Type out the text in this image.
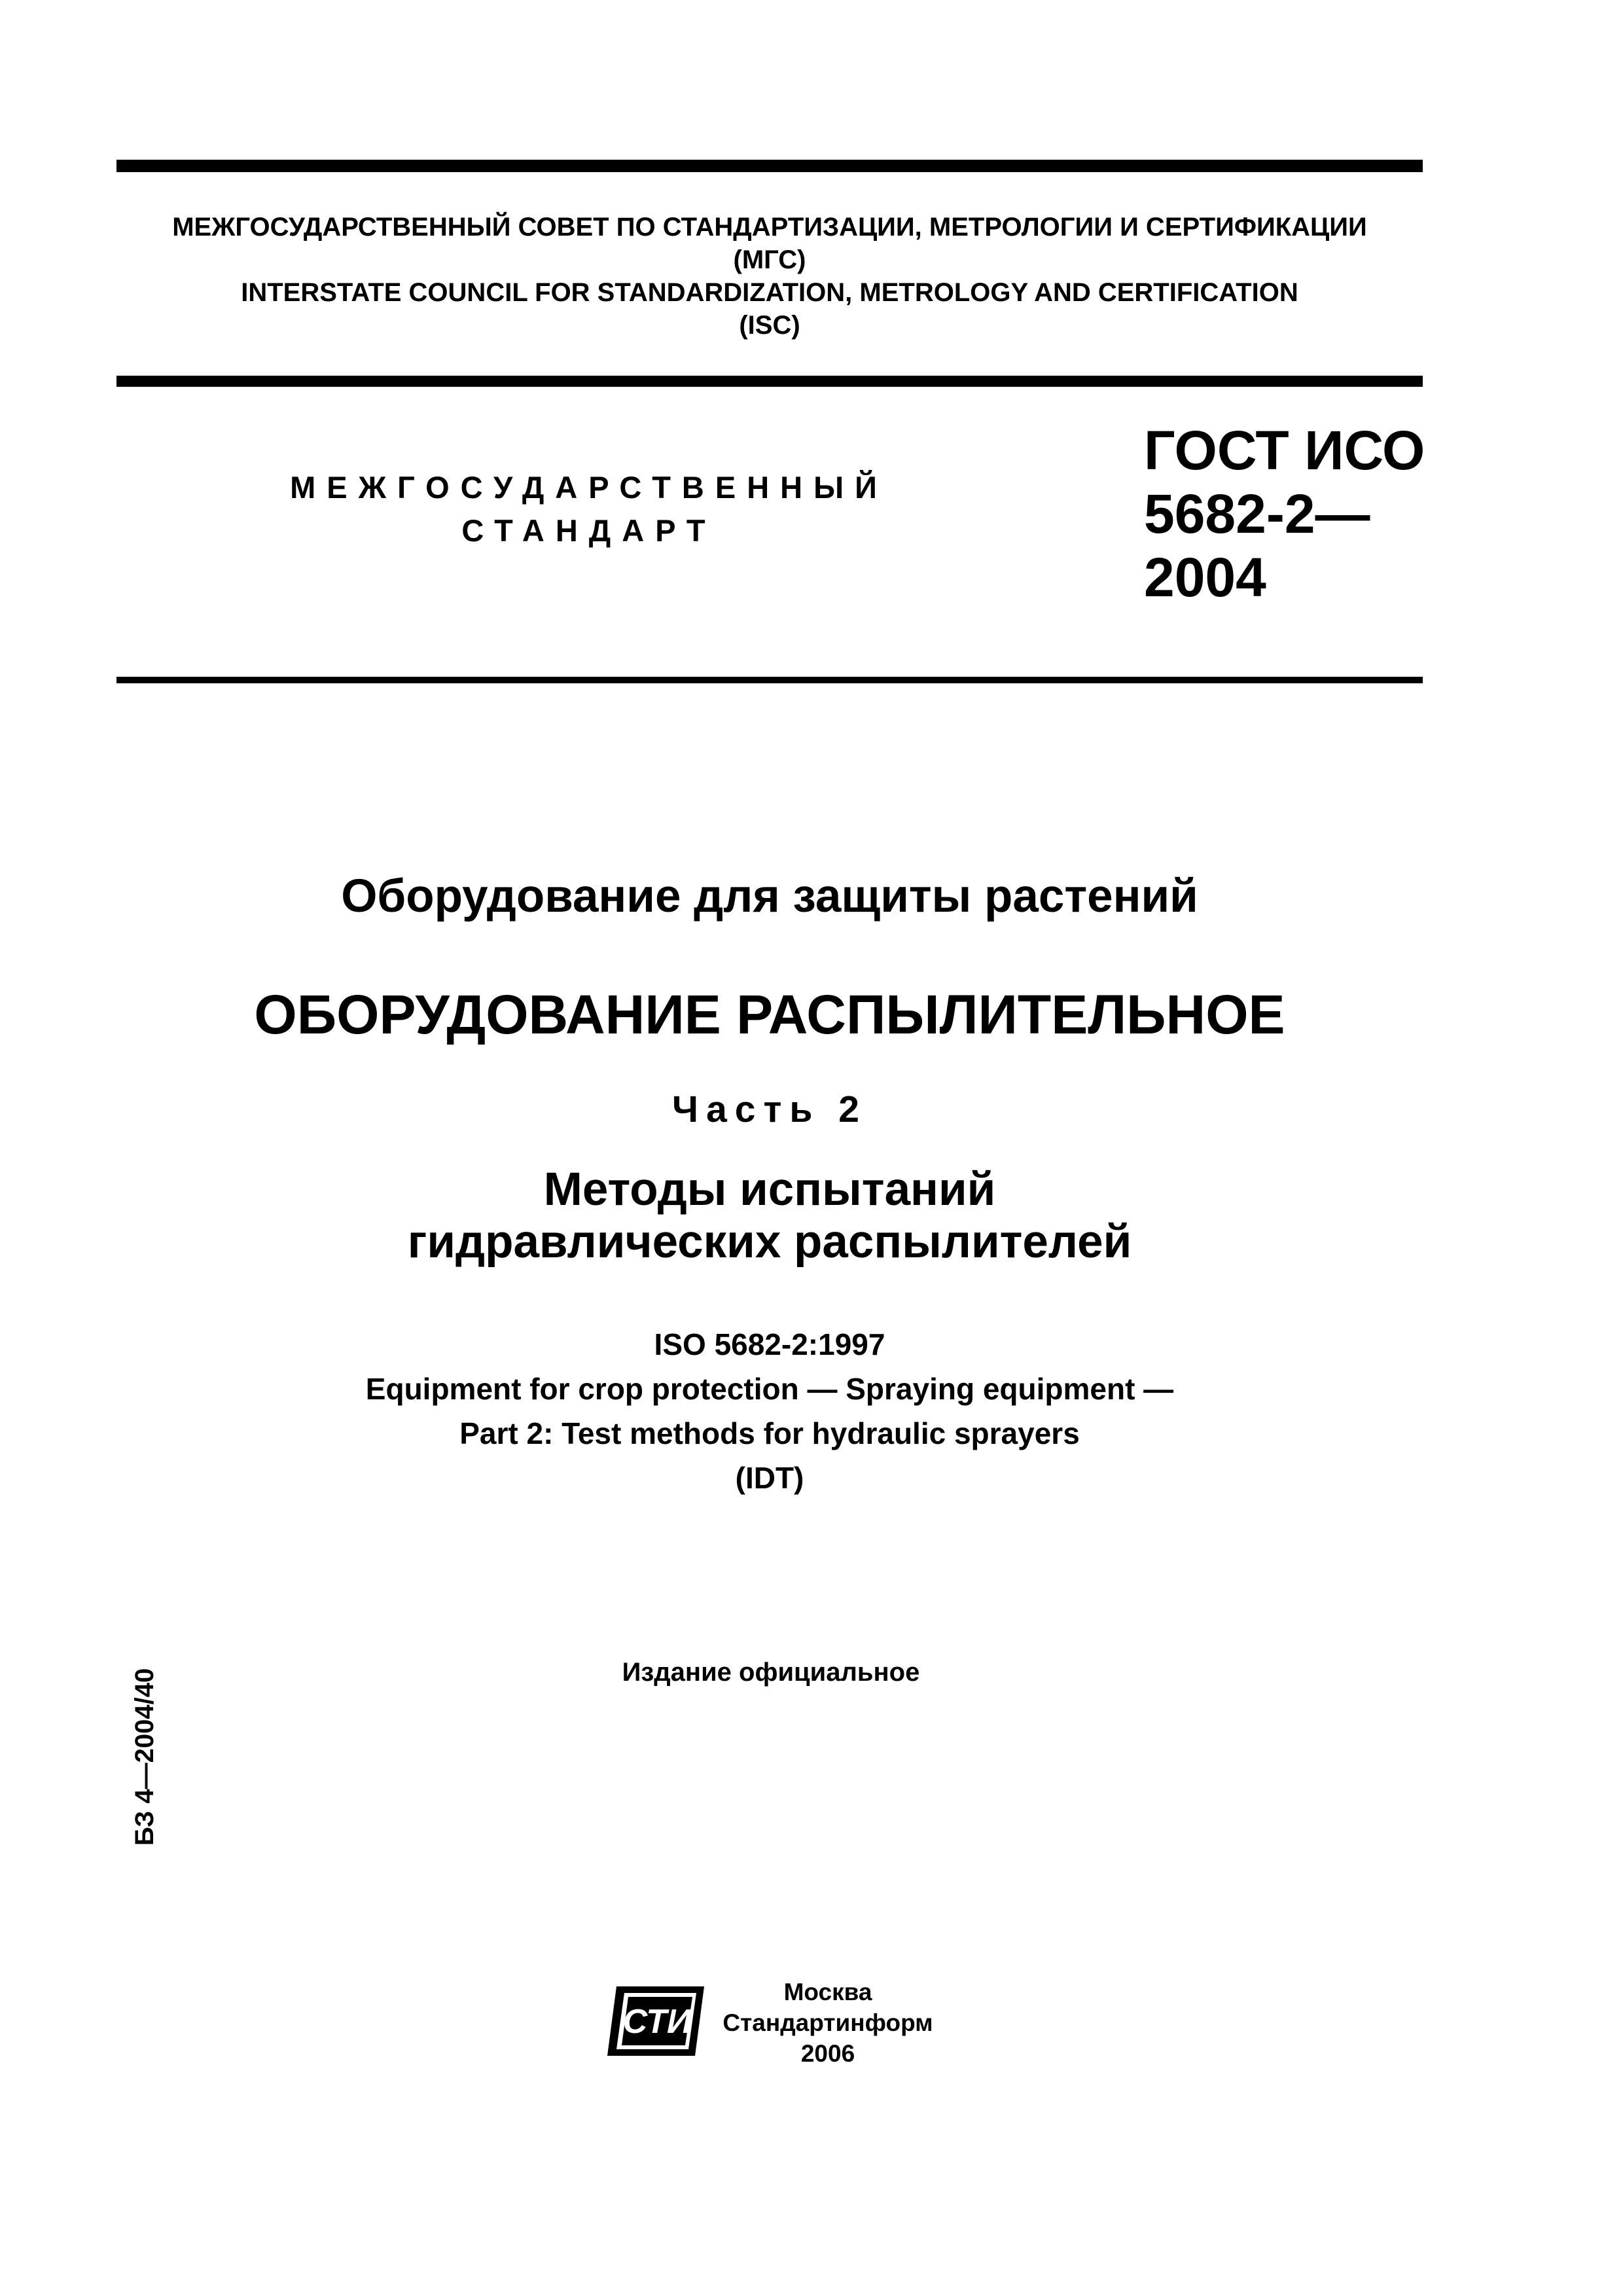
МЕЖГОСУДАРСТВЕННЫЙ СОВЕТ ПО СТАНДАРТИЗАЦИИ, МЕТРОЛОГИИ И СЕРТИФИКАЦИИ
(МГС)
INTERSTATE COUNCIL FOR STANDARDIZATION, METROLOGY AND CERTIFICATION
(ISC)
МЕЖГОСУДАРСТВЕННЫЙ
СТАНДАРТ
ГОСТ ИСО
5682-2—
2004
Оборудование для защиты растений
ОБОРУДОВАНИЕ РАСПЫЛИТЕЛЬНОЕ
Часть 2
Методы испытаний
гидравлических распылителей
ISO 5682-2:1997
Equipment for crop protection — Spraying equipment —
Part 2: Test methods for hydraulic sprayers
(IDT)
Издание официальное
БЗ 4—2004/40
СТИ
Москва
Стандартинформ
2006
